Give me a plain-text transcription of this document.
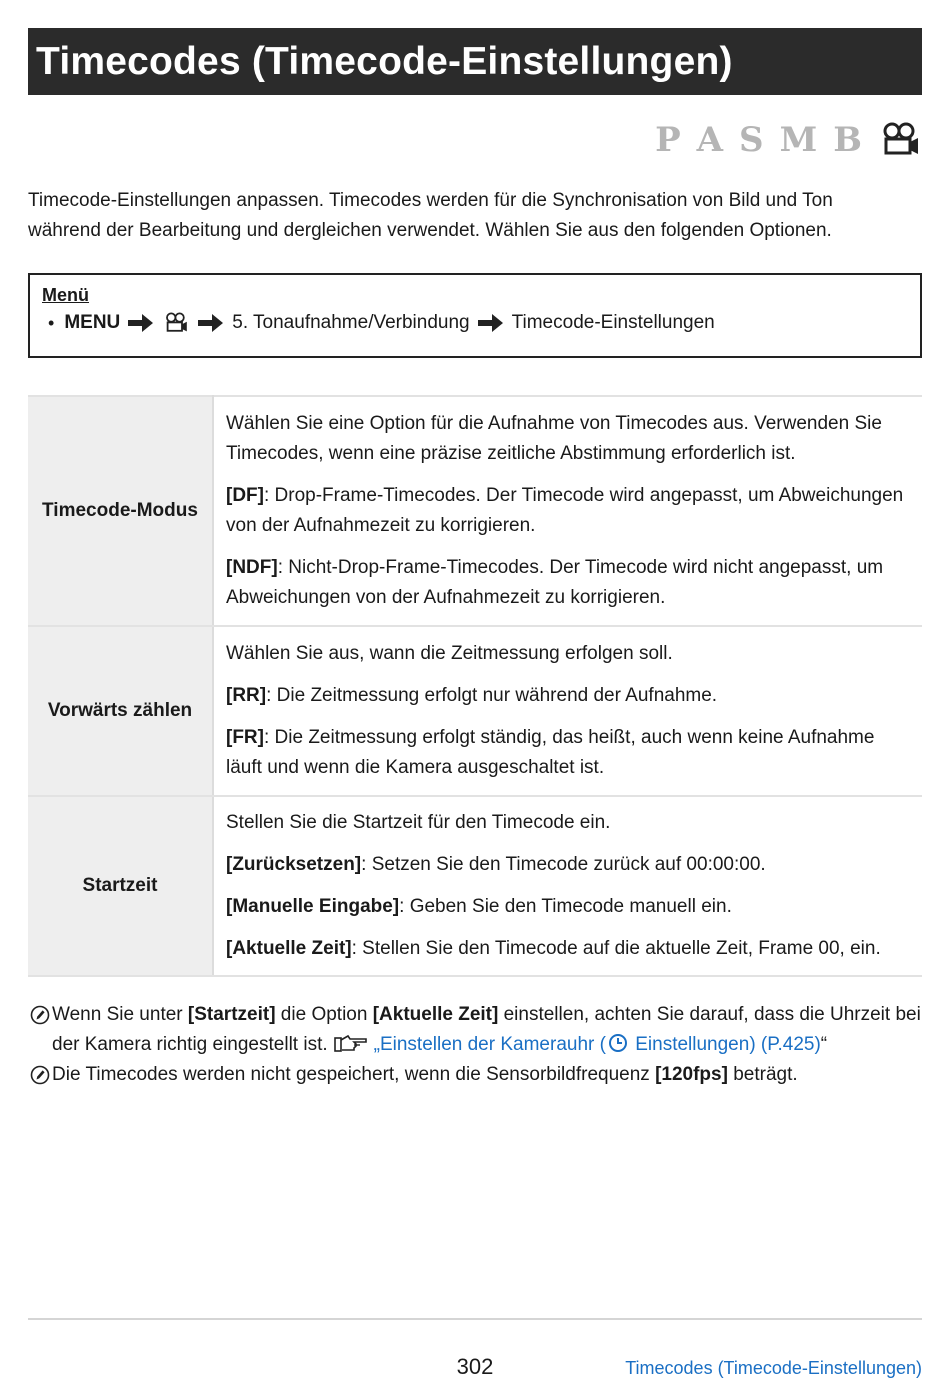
Timecodes (Timecode-Einstellungen)
P A S M B

Timecode-Einstellungen anpassen. Timecodes werden für die Synchronisation von Bild und Ton während der Bearbeitung und dergleichen verwendet. Wählen Sie aus den folgenden Optionen.

Menü
• MENU	5. Tonaufnahme/Verbindung Timecode-Einstellungen
Timecode-Modus	Wählen Sie eine Option für die Aufnahme von Timecodes aus. Verwenden Sie Timecodes, wenn eine präzise zeitliche Abstimmung erforderlich ist.

[DF]: Drop-Frame-Timecodes. Der Timecode wird angepasst, um Abweichungen von der Aufnahmezeit zu korrigieren.

[NDF]: Nicht-Drop-Frame-Timecodes. Der Timecode wird nicht angepasst, um Abweichungen von der Aufnahmezeit zu korrigieren.

Vorwärts zählen	Wählen Sie aus, wann die Zeitmessung erfolgen soll.

[RR]: Die Zeitmessung erfolgt nur während der Aufnahme.

[FR]: Die Zeitmessung erfolgt ständig, das heißt, auch wenn keine Aufnahme läuft und wenn die Kamera ausgeschaltet ist.

Startzeit	Stellen Sie die Startzeit für den Timecode ein.

[Zurücksetzen]: Setzen Sie den Timecode zurück auf 00:00:00.

[Manuelle Eingabe]: Geben Sie den Timecode manuell ein.

[Aktuelle Zeit]: Stellen Sie den Timecode auf die aktuelle Zeit, Frame 00, ein.

Wenn Sie unter [Startzeit] die Option [Aktuelle Zeit] einstellen, achten Sie darauf, dass die Uhrzeit bei der Kamera richtig eingestellt ist. „Einstellen der Kamerauhr ( Einstellungen) (P.425)“
Die Timecodes werden nicht gespeichert, wenn die Sensorbildfrequenz [120fps] beträgt.
302	Timecodes (Timecode-Einstellungen)
